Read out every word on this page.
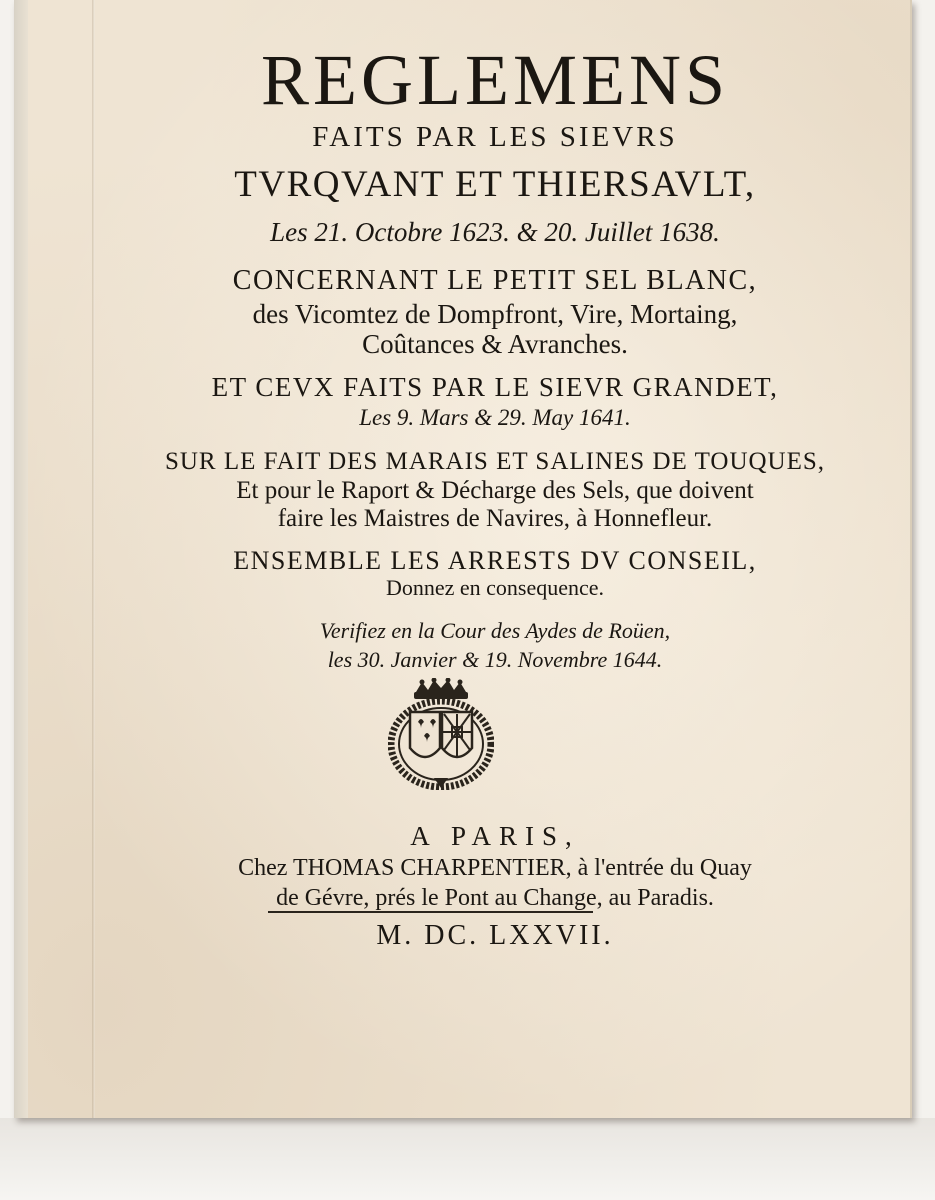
REGLEMENS
FAITS PAR LES SIEVRS
TVRQVANT ET THIERSAVLT,
Les 21. Octobre 1623. & 20. Juillet 1638.
CONCERNANT LE PETIT SEL BLANC,
des Vicomtez de Dompfront, Vire, Mortaing,
Coûtances & Avranches.
ET CEVX FAITS PAR LE SIEVR GRANDET,
Les 9. Mars & 29. May 1641.
SUR LE FAIT DES MARAIS ET SALINES DE TOUQUES,
Et pour le Raport & Décharge des Sels, que doivent
faire les Maistres de Navires, à Honnefleur.
ENSEMBLE LES ARRESTS DV CONSEIL,
Donnez en consequence.
Verifiez en la Cour des Aydes de Roüen,
les 30. Janvier & 19. Novembre 1644.
A PARIS,
Chez THOMAS CHARPENTIER, à l'entrée du Quay
de Gévre, prés le Pont au Change, au Paradis.
M. DC. LXXVII.
